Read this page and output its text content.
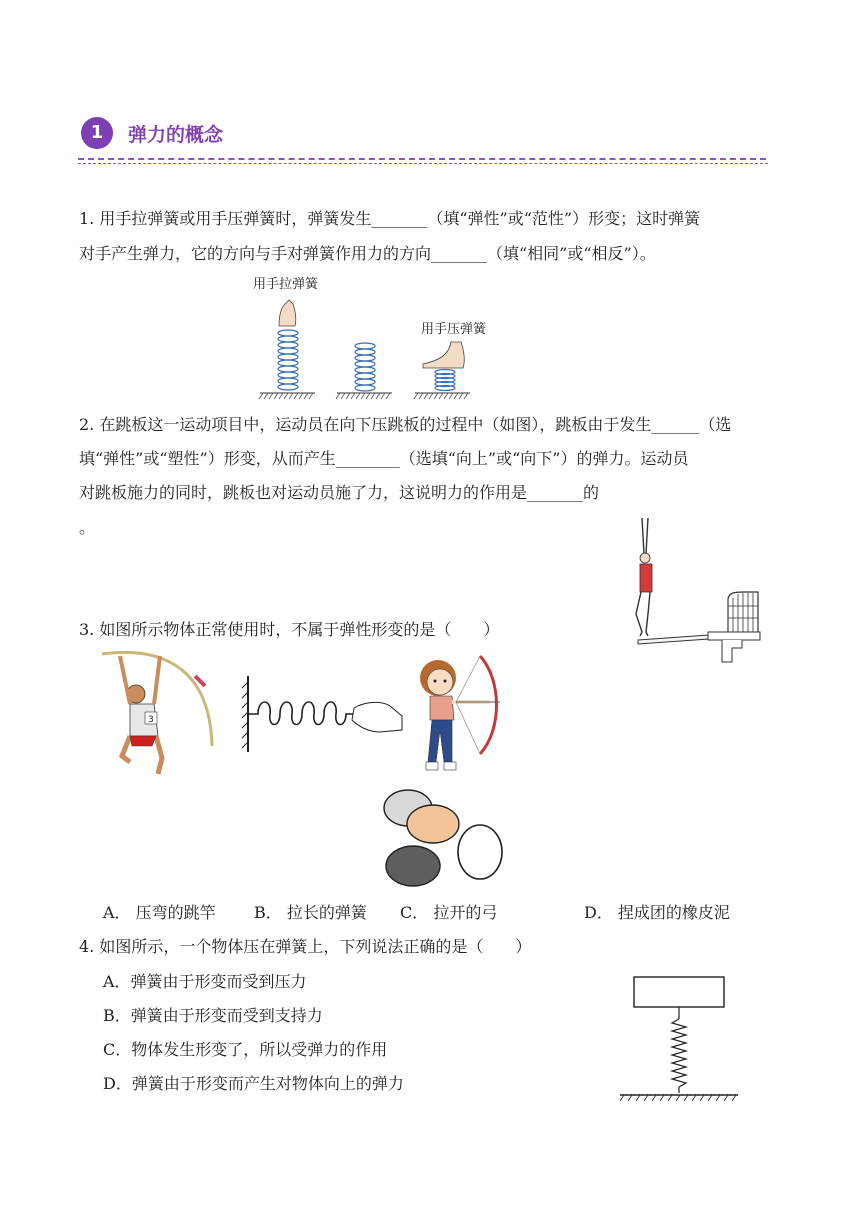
1	弹力的概念
1. 用手拉弹簧或用手压弹簧时，弹簧发生_______（填“弹性”或“范性”）形变；这时弹簧
对手产生弹力，它的方向与手对弹簧作用力的方向_______（填“相同”或“相反”）。
用手拉弹簧
用手压弹簧
2. 在跳板这一运动项目中，运动员在向下压跳板的过程中（如图），跳板由于发生______（选
填“弹性”或“塑性”）形变，从而产生________（选填“向上”或“向下”）的弹力。运动员
对跳板施力的同时，跳板也对运动员施了力，这说明力的作用是_______的
。
3. 如图所示物体正常使用时，不属于弹性形变的是（　　）
3
A． 压弯的跳竿 B． 拉长的弹簧 C． 拉开的弓	D． 捏成团的橡皮泥
4. 如图所示，一个物体压在弹簧上，下列说法正确的是（　　）
A．弹簧由于形变而受到压力
B．弹簧由于形变而受到支持力
C．物体发生形变了，所以受弹力的作用
D．弹簧由于形变而产生对物体向上的弹力
